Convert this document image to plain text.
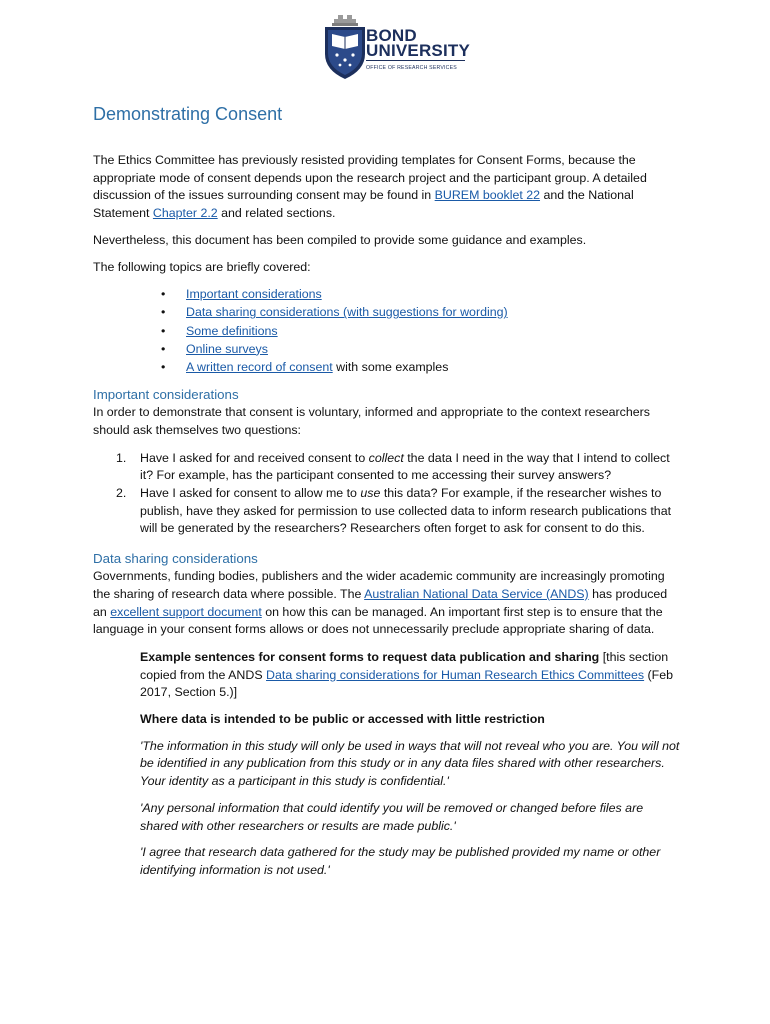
BOND
UNIVERSITY
OFFICE OF RESEARCH SERVICES
Demonstrating Consent

The Ethics Committee has previously resisted providing templates for Consent Forms, because the appropriate mode of consent depends upon the research project and the participant group. A detailed discussion of the issues surrounding consent may be found in BUREM booklet 22 and the National Statement Chapter 2.2 and related sections.

Nevertheless, this document has been compiled to provide some guidance and examples.

The following topics are briefly covered:

• Important considerations
• Data sharing considerations (with suggestions for wording)
• Some definitions
• Online surveys
• A written record of consent with some examples
Important considerations

In order to demonstrate that consent is voluntary, informed and appropriate to the context researchers should ask themselves two questions:

1. Have I asked for and received consent to collect the data I need in the way that I intend to collect it? For example, has the participant consented to me accessing their survey answers?
2. Have I asked for consent to allow me to use this data? For example, if the researcher wishes to publish, have they asked for permission to use collected data to inform research publications that will be generated by the researchers? Researchers often forget to ask for consent to do this.
Data sharing considerations

Governments, funding bodies, publishers and the wider academic community are increasingly promoting the sharing of research data where possible. The Australian National Data Service (ANDS) has produced an excellent support document on how this can be managed. An important first step is to ensure that the language in your consent forms allows or does not unnecessarily preclude appropriate sharing of data.

Example sentences for consent forms to request data publication and sharing [this section copied from the ANDS Data sharing considerations for Human Research Ethics Committees (Feb 2017, Section 5.)]

Where data is intended to be public or accessed with little restriction

'The information in this study will only be used in ways that will not reveal who you are. You will not be identified in any publication from this study or in any data files shared with other researchers. Your identity as a participant in this study is confidential.'

'Any personal information that could identify you will be removed or changed before files are shared with other researchers or results are made public.'

'I agree that research data gathered for the study may be published provided my name or other identifying information is not used.'
